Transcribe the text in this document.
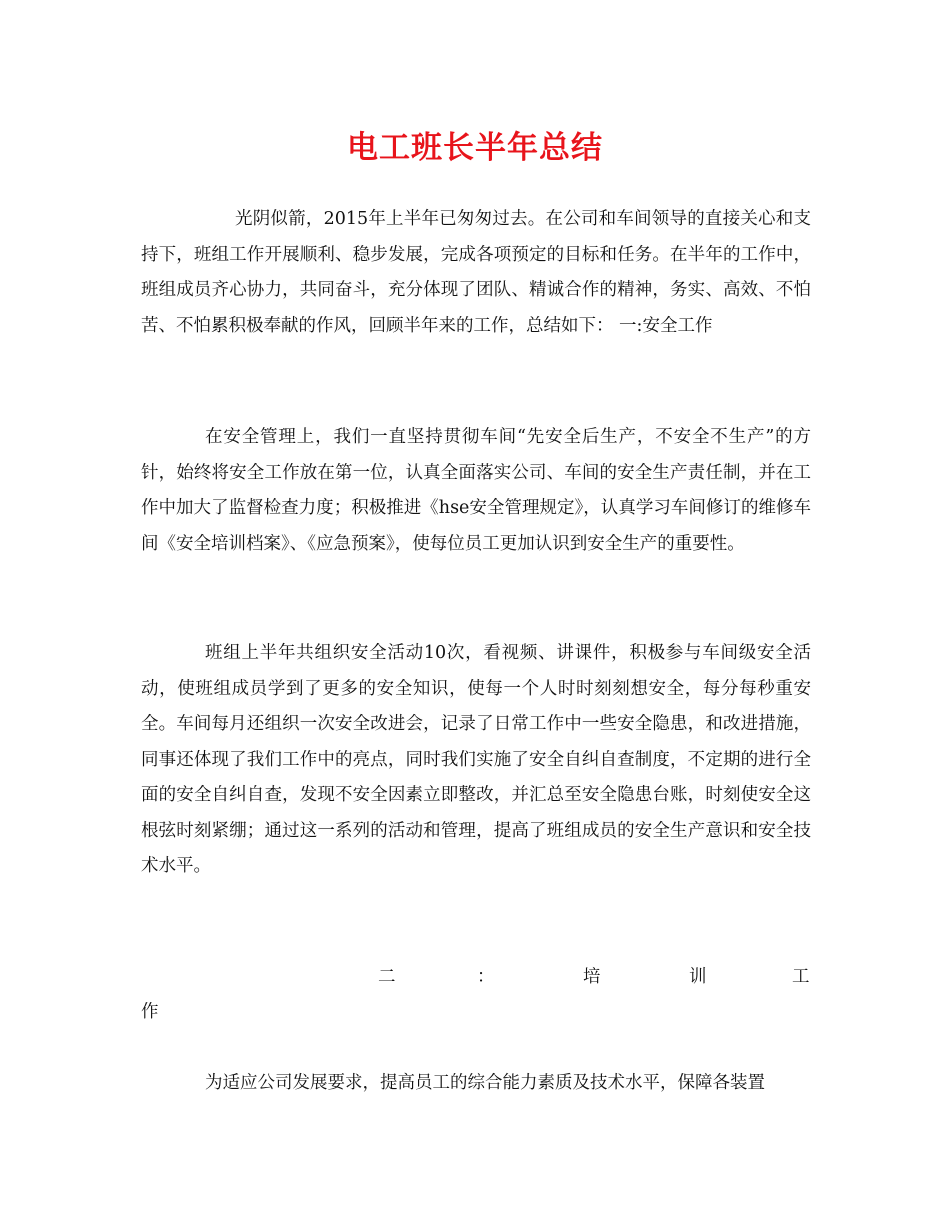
电工班长半年总结
光阴似箭，2015年上半年已匆匆过去。在公司和车间领导的直接关心和支持下，班组工作开展顺利、稳步发展，完成各项预定的目标和任务。在半年的工作中，班组成员齐心协力，共同奋斗，充分体现了团队、精诚合作的精神，务实、高效、不怕苦、不怕累积极奉献的作风，回顾半年来的工作，总结如下： 一:安全工作
在安全管理上，我们一直坚持贯彻车间“先安全后生产，不安全不生产”的方针，始终将安全工作放在第一位，认真全面落实公司、车间的安全生产责任制，并在工作中加大了监督检查力度；积极推进《hse安全管理规定》，认真学习车间修订的维修车间《安全培训档案》、《应急预案》，使每位员工更加认识到安全生产的重要性。
班组上半年共组织安全活动10次，看视频、讲课件，积极参与车间级安全活动，使班组成员学到了更多的安全知识，使每一个人时时刻刻想安全，每分每秒重安全。车间每月还组织一次安全改进会，记录了日常工作中一些安全隐患，和改进措施，同事还体现了我们工作中的亮点，同时我们实施了安全自纠自查制度，不定期的进行全面的安全自纠自查，发现不安全因素立即整改，并汇总至安全隐患台账，时刻使安全这根弦时刻紧绷；通过这一系列的活动和管理，提高了班组成员的安全生产意识和安全技术水平。
二	：	培	训	工
作
为适应公司发展要求，提高员工的综合能力素质及技术水平，保障各装置
